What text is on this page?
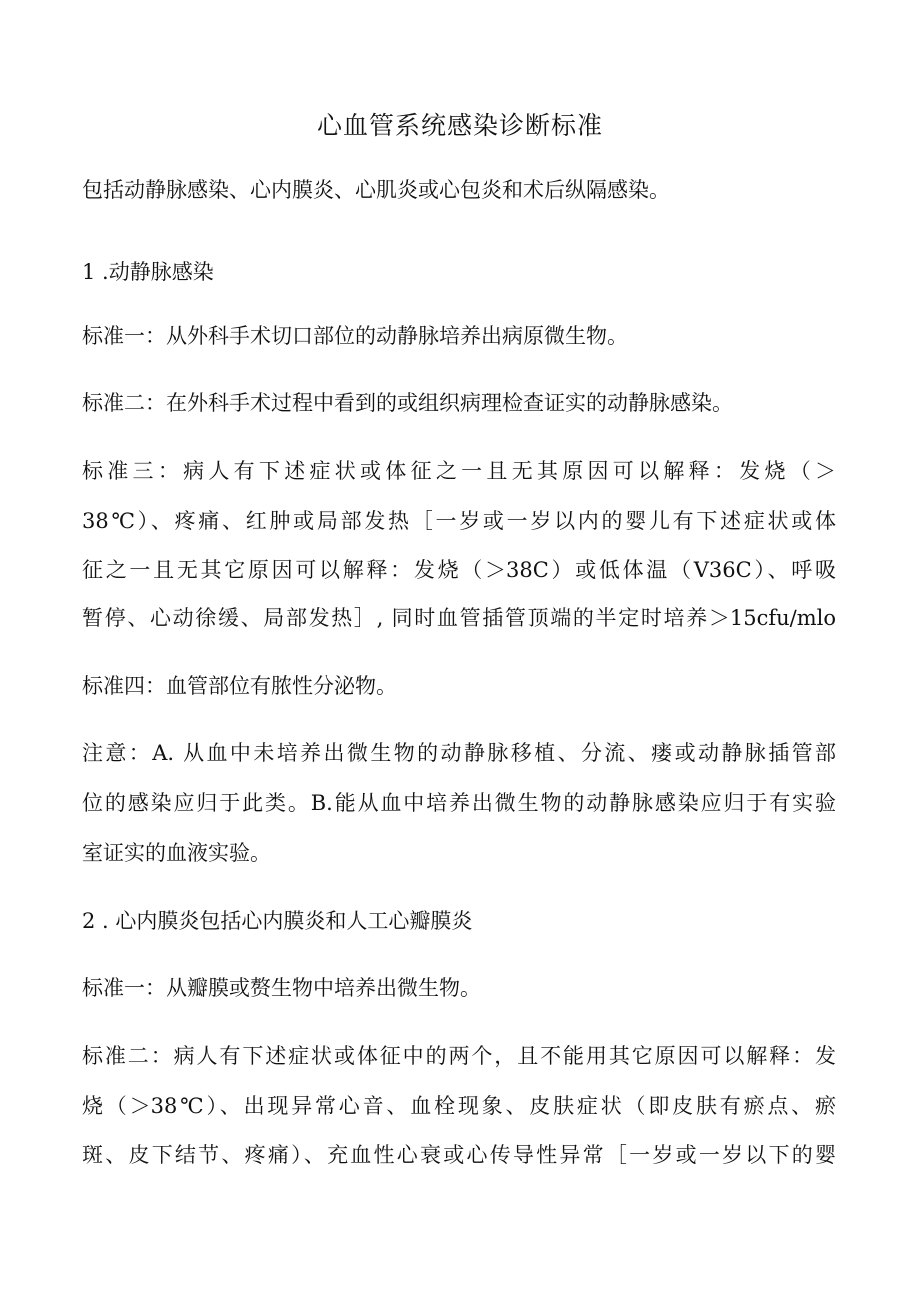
心血管系统感染诊断标准
包括动静脉感染、心内膜炎、心肌炎或心包炎和术后纵隔感染。
1 .动静脉感染
标准一：从外科手术切口部位的动静脉培养出病原微生物。
标准二：在外科手术过程中看到的或组织病理检查证实的动静脉感染。
标准三：病人有下述症状或体征之一且无其原因可以解释：发烧（＞
38℃）、疼痛、红肿或局部发热［一岁或一岁以内的婴儿有下述症状或体
征之一且无其它原因可以解释：发烧（＞38C）或低体温（V36C）、呼吸
暂停、心动徐缓、局部发热］, 同时血管插管顶端的半定时培养＞15cfu∕mlo
标准四：血管部位有脓性分泌物。
注意：A. 从血中未培养出微生物的动静脉移植、分流、瘘或动静脉插管部
位的感染应归于此类。B.能从血中培养出微生物的动静脉感染应归于有实验
室证实的血液实验。
2 . 心内膜炎包括心内膜炎和人工心瓣膜炎
标准一：从瓣膜或赘生物中培养出微生物。
标准二：病人有下述症状或体征中的两个，且不能用其它原因可以解释：发
烧（＞38℃）、出现异常心音、血栓现象、皮肤症状（即皮肤有瘀点、瘀
斑、皮下结节、疼痛）、充血性心衰或心传导性异常［一岁或一岁以下的婴
